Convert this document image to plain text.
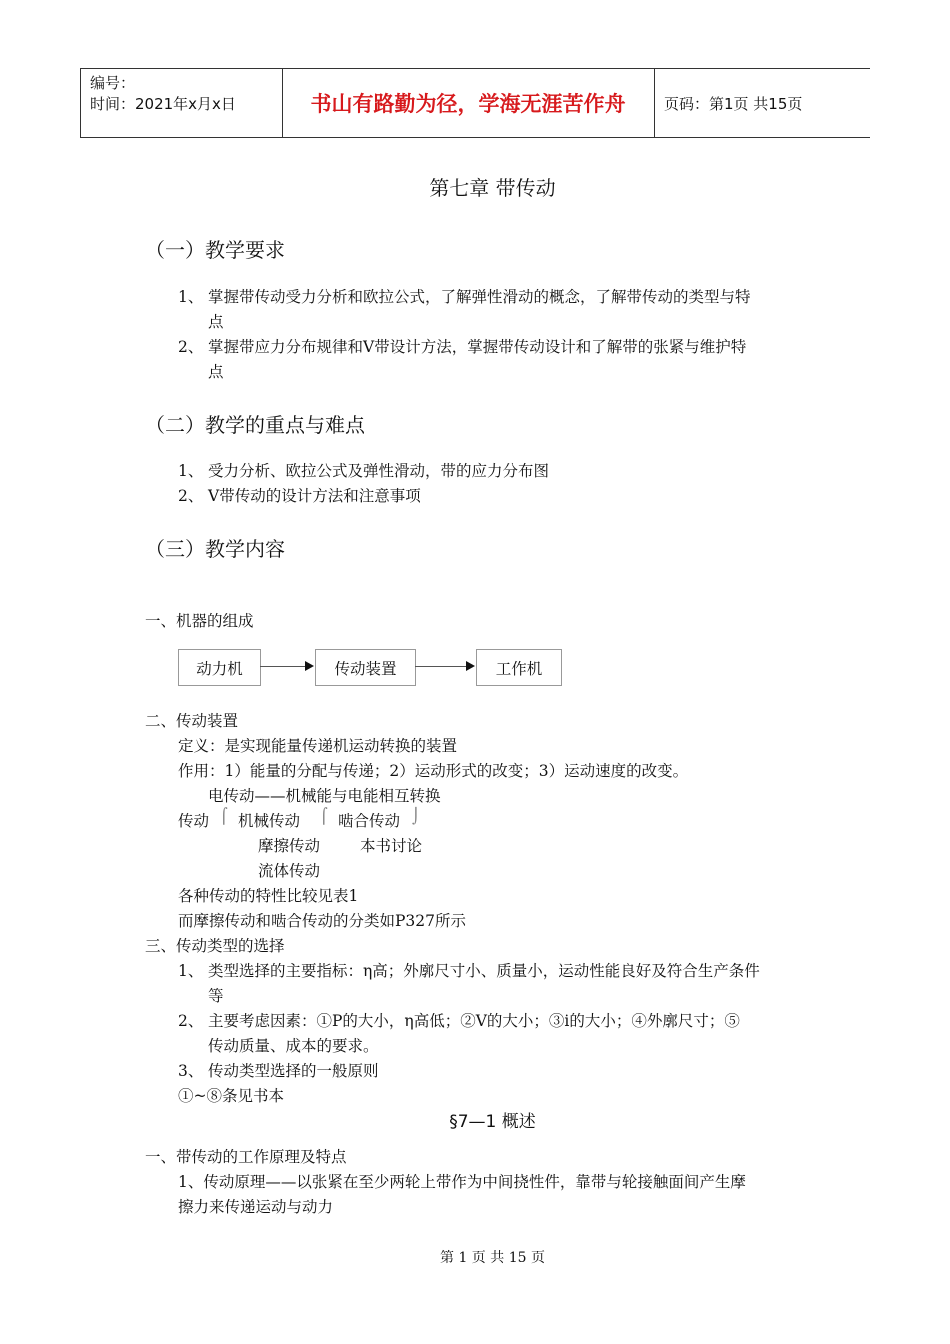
编号：
时间：2021年x月x日	书山有路勤为径，学海无涯苦作舟	页码：第1页 共15页
第七章 带传动
（一）教学要求
1、 掌握带传动受力分析和欧拉公式，了解弹性滑动的概念，了解带传动的类型与特
点
2、 掌握带应力分布规律和V带设计方法，掌握带传动设计和了解带的张紧与维护特
点
（二）教学的重点与难点
1、 受力分析、欧拉公式及弹性滑动，带的应力分布图
2、 V带传动的设计方法和注意事项
（三）教学内容
一、机器的组成
动力机	传动装置	工作机
二、传动装置
定义：是实现能量传递机运动转换的装置
作用：1）能量的分配与传递；2）运动形式的改变；3）运动速度的改变。
电传动——机械能与电能相互转换
传动 ⌠ 机械传动 ⌠ 啮合传动 ⌡
摩擦传动	本书讨论
流体传动
各种传动的特性比较见表1
而摩擦传动和啮合传动的分类如P327所示
三、传动类型的选择
1、 类型选择的主要指标：η高；外廓尺寸小、质量小，运动性能良好及符合生产条件
等
2、 主要考虑因素：①P的大小，η高低；②V的大小；③i的大小；④外廓尺寸；⑤
传动质量、成本的要求。
3、 传动类型选择的一般原则
①~⑧条见书本
§7—1 概述
一、带传动的工作原理及特点
1、传动原理——以张紧在至少两轮上带作为中间挠性件，靠带与轮接触面间产生摩
擦力来传递运动与动力
第 1 页 共 15 页
